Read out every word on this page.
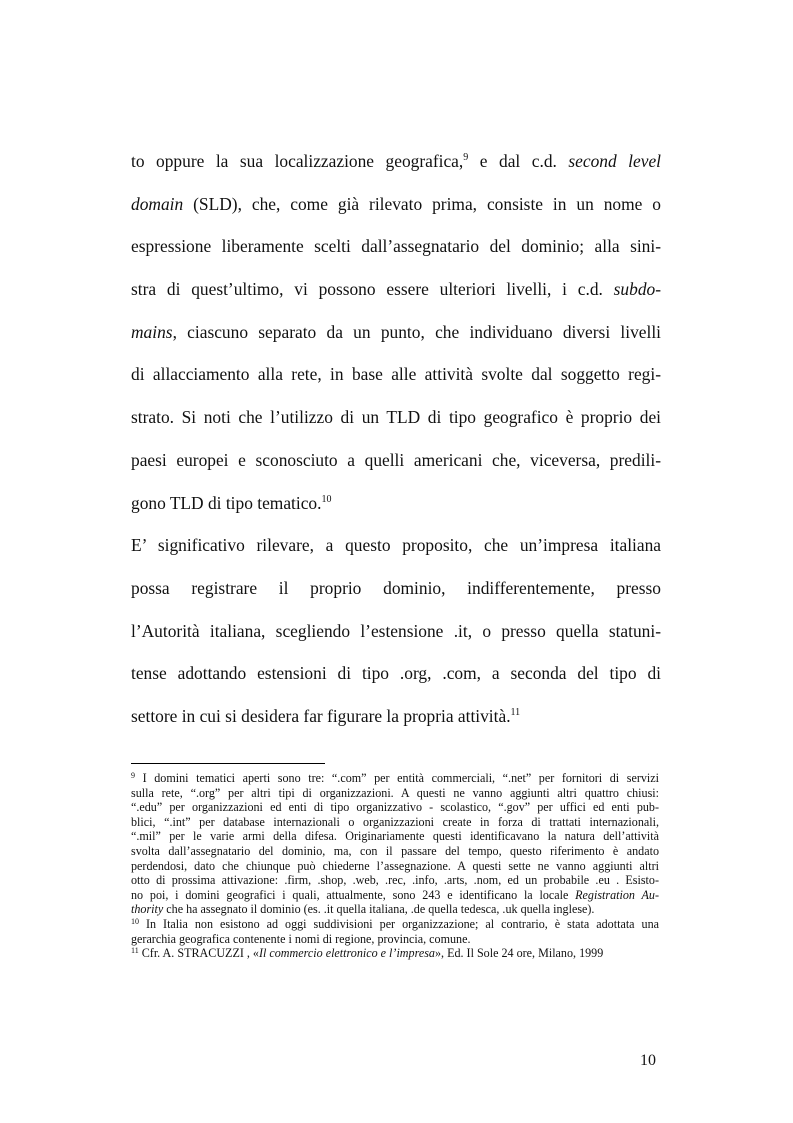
to oppure la sua localizzazione geografica,$^9$ e dal c.d. second level
domain (SLD), che, come già rilevato prima, consiste in un nome o
espressione liberamente scelti dall’assegnatario del dominio; alla sini-
stra di quest’ultimo, vi possono essere ulteriori livelli, i c.d. subdo-
mains, ciascuno separato da un punto, che individuano diversi livelli
di allacciamento alla rete, in base alle attività svolte dal soggetto regi-
strato. Si noti che l’utilizzo di un TLD di tipo geografico è proprio dei
paesi europei e sconosciuto a quelli americani che, viceversa, predili-
gono TLD di tipo tematico.$^{10}$
E’ significativo rilevare, a questo proposito, che un’impresa italiana
possa registrare il proprio dominio, indifferentemente, presso
l’Autorità italiana, scegliendo l’estensione .it, o presso quella statuni-
tense adottando estensioni di tipo .org, .com, a seconda del tipo di
settore in cui si desidera far figurare la propria attività.$^{11}$
$^9$ I domini tematici aperti sono tre: “.com” per entità commerciali, “.net” per fornitori di servizi
sulla rete, “.org” per altri tipi di organizzazioni. A questi ne vanno aggiunti altri quattro chiusi:
“.edu” per organizzazioni ed enti di tipo organizzativo - scolastico, “.gov” per uffici ed enti pub-
blici, “.int” per database internazionali o organizzazioni create in forza di trattati internazionali,
“.mil” per le varie armi della difesa. Originariamente questi identificavano la natura dell’attività
svolta dall’assegnatario del dominio, ma, con il passare del tempo, questo riferimento è andato
perdendosi, dato che chiunque può chiederne l’assegnazione. A questi sette ne vanno aggiunti altri
otto di prossima attivazione: .firm, .shop, .web, .rec, .info, .arts, .nom, ed un probabile .eu . Esisto-
no poi, i domini geografici i quali, attualmente, sono 243 e identificano la locale Registration Au-
thority che ha assegnato il dominio (es. .it quella italiana, .de quella tedesca, .uk quella inglese).
$^{10}$ In Italia non esistono ad oggi suddivisioni per organizzazione; al contrario, è stata adottata una
gerarchia geografica contenente i nomi di regione, provincia, comune.
$^{11}$ Cfr. A. STRACUZZI , «Il commercio elettronico e l’impresa», Ed. Il Sole 24 ore, Milano, 1999
10
